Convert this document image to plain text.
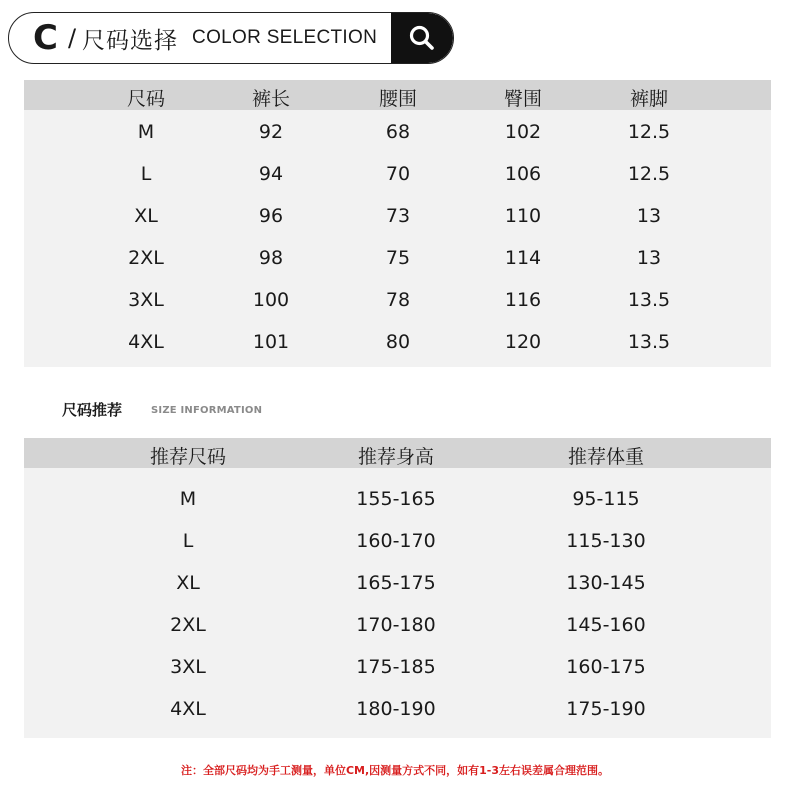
C / 尺码选择 COLOR SELECTION
尺码	裤长	腰围	臀围	裤脚
M	92	68	102	12.5
L	94	70	106	12.5
XL	96	73	110	13
2XL	98	75	114	13
3XL	100	78	116	13.5
4XL	101	80	120	13.5
尺码推荐	SIZE INFORMATION
推荐尺码	推荐身高	推荐体重
M	155-165	95-115
L	160-170	115-130
XL	165-175	130-145
2XL	170-180	145-160
3XL	175-185	160-175
4XL	180-190	175-190
注：全部尺码均为手工测量，单位CM,因测量方式不同，如有1-3左右误差属合理范围。
